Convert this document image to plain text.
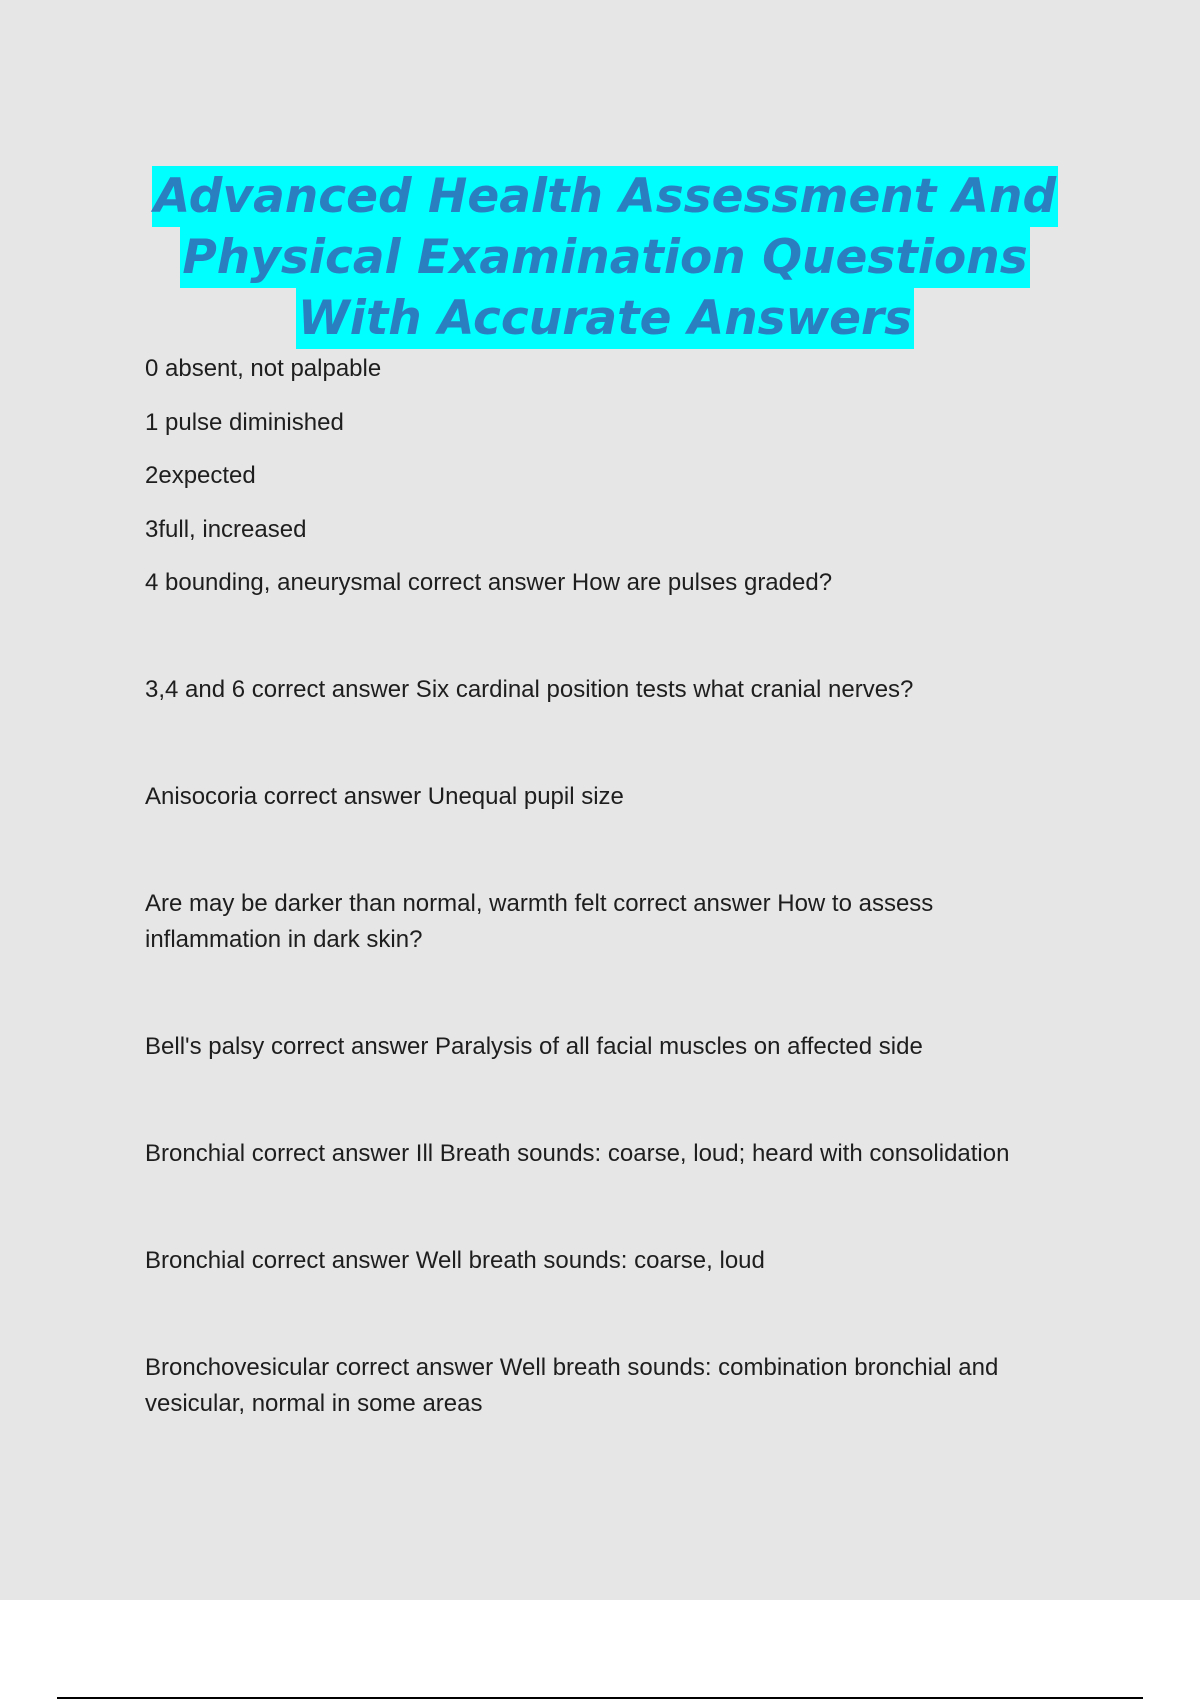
Advanced Health Assessment And
Physical Examination Questions
With Accurate Answers

0 absent, not palpable

1 pulse diminished

2expected

3full, increased

4 bounding, aneurysmal correct answer How are pulses graded?

3,4 and 6 correct answer Six cardinal position tests what cranial nerves?

Anisocoria correct answer Unequal pupil size

Are may be darker than normal, warmth felt correct answer How to assess

inflammation in dark skin?

Bell's palsy correct answer Paralysis of all facial muscles on affected side

Bronchial correct answer Ill Breath sounds: coarse, loud; heard with consolidation

Bronchial correct answer Well breath sounds: coarse, loud

Bronchovesicular correct answer Well breath sounds: combination bronchial and

vesicular, normal in some areas
